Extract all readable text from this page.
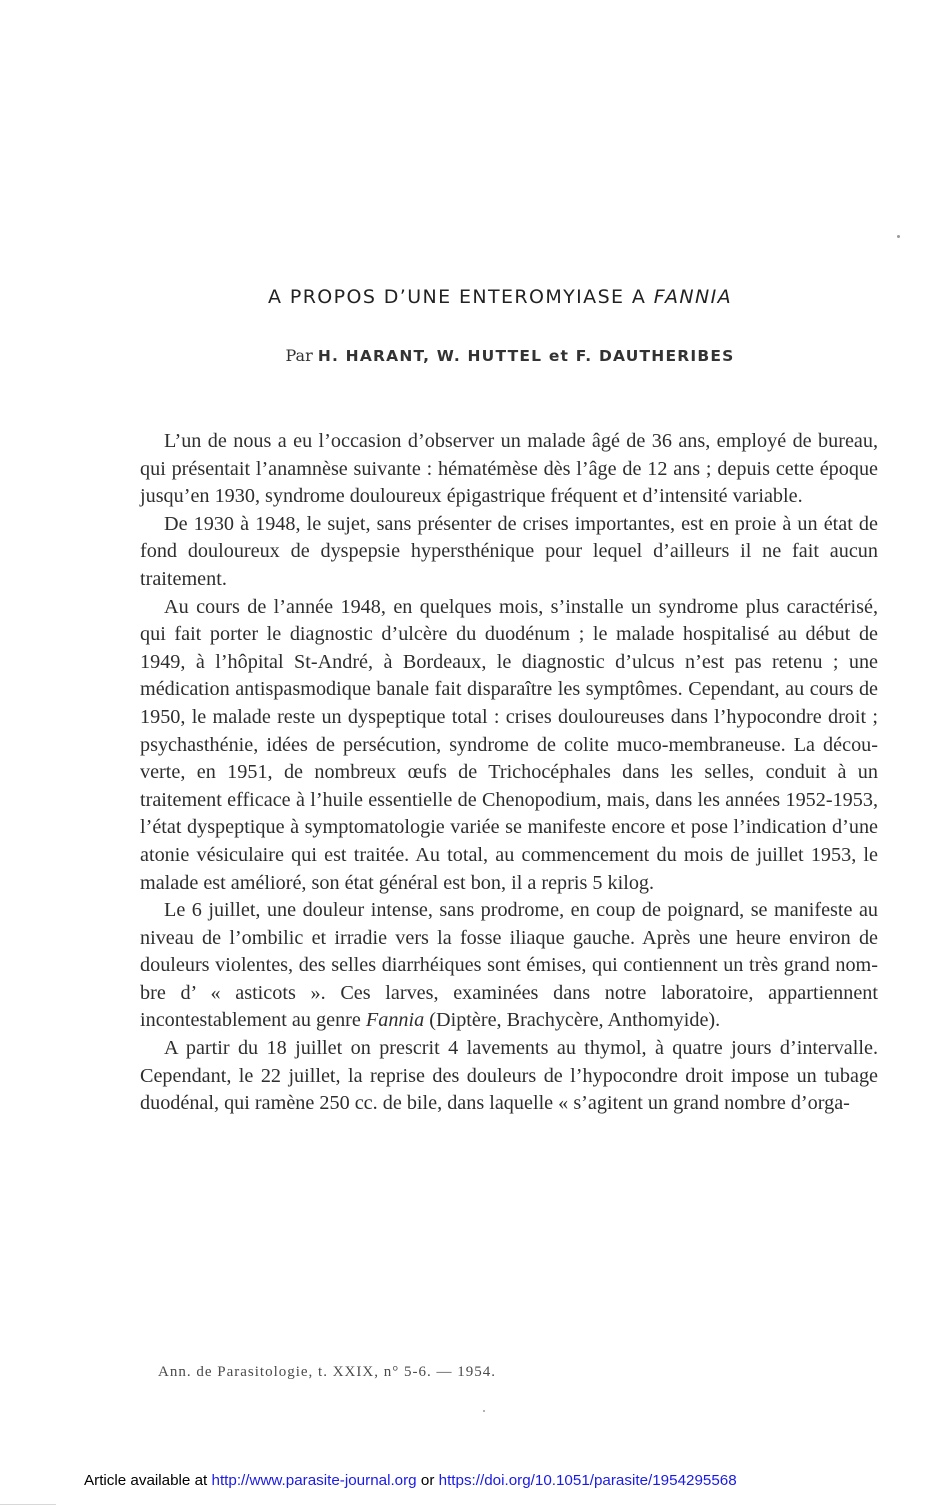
A PROPOS D’UNE ENTEROMYIASE A FANNIA
Par H. HARANT, W. HUTTEL et F. DAUTHERIBES

L’un de nous a eu l’occasion d’observer un malade âgé de 36 ans, employé de bureau, qui présentait l’anamnèse suivante : hématémèse dès l’âge de 12 ans ; depuis cette époque jusqu’en 1930, syndrome douloureux épigastrique fréquent et d’intensité variable.

De 1930 à 1948, le sujet, sans présenter de crises importantes, est en proie à un état de fond douloureux de dyspepsie hypersthénique pour lequel d’ailleurs il ne fait aucun traitement.

Au cours de l’année 1948, en quelques mois, s’installe un syndrome plus caractérisé, qui fait porter le diagnostic d’ulcère du duodénum ; le malade hospitalisé au début de 1949, à l’hôpital St-André, à Bordeaux, le diagnostic d’ulcus n’est pas retenu ; une médication antispasmodique banale fait disparaître les symptômes. Cependant, au cours de 1950, le malade reste un dyspeptique total : crises douloureuses dans l’hypocondre droit ; psychasthénie, idées de persécution, syndrome de colite muco-membraneuse. La découverte, en 1951, de nombreux œufs de Trichocéphales dans les selles, conduit à un traitement efficace à l’huile essentielle de Chenopodium, mais, dans les années 1952-1953, l’état dyspeptique à symptomatologie variée se manifeste encore et pose l’indication d’une atonie vésiculaire qui est traitée. Au total, au commencement du mois de juillet 1953, le malade est amélioré, son état général est bon, il a repris 5 kilog.

Le 6 juillet, une douleur intense, sans prodrome, en coup de poignard, se manifeste au niveau de l’ombilic et irradie vers la fosse iliaque gauche. Après une heure environ de douleurs violentes, des selles diarrhéiques sont émises, qui contiennent un très grand nombre d’ « asticots ». Ces larves, examinées dans notre laboratoire, appartiennent incontestablement au genre Fannia (Diptère, Brachycère, Anthomyide).

A partir du 18 juillet on prescrit 4 lavements au thymol, à quatre jours d’intervalle. Cependant, le 22 juillet, la reprise des douleurs de l’hypocondre droit impose un tubage duodénal, qui ramène 250 cc. de bile, dans laquelle « s’agitent un grand nombre d’orga-

Ann. de Parasitologie, t. XXIX, n° 5-6. — 1954.
Article available at http://www.parasite-journal.org or https://doi.org/10.1051/parasite/1954295568
